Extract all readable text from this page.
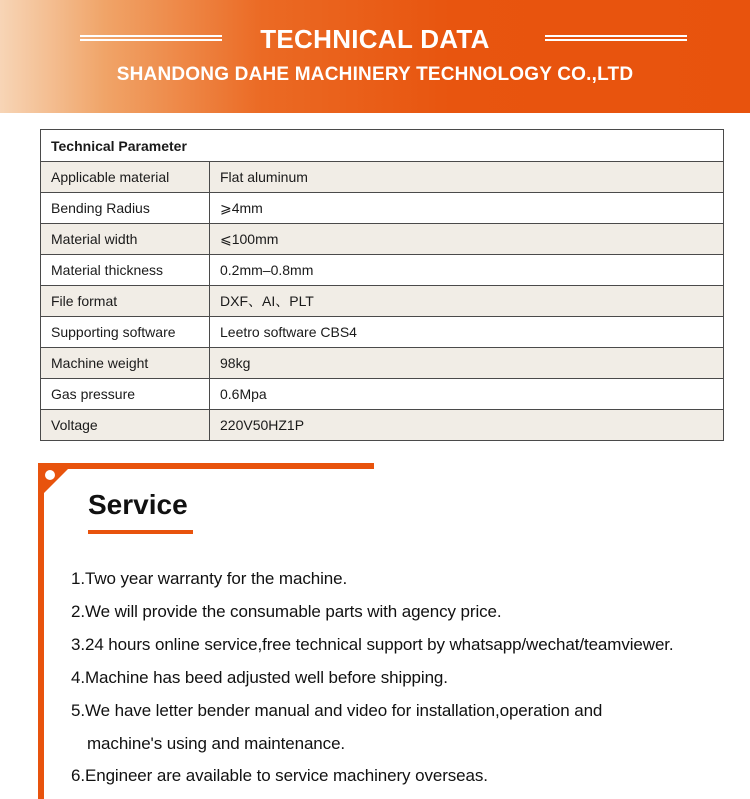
TECHNICAL DATA
SHANDONG DAHE MACHINERY TECHNOLOGY CO.,LTD
Technical Parameter	
Applicable material	Flat aluminum
Bending Radius	⩾4mm
Material width	⩽100mm
Material thickness	0.2mm–0.8mm
File format	DXF、AI、PLT
Supporting software	Leetro software CBS4
Machine weight	98kg
Gas pressure	0.6Mpa
Voltage	220V50HZ1P
Service
1.Two year warranty for the machine.
2.We will provide the consumable parts with agency price.
3.24 hours online service,free technical support by whatsapp/wechat/teamviewer.
4.Machine has beed adjusted well before shipping.
5.We have letter bender manual and video for installation,operation and
machine's using and maintenance.
6.Engineer are available to service machinery overseas.
